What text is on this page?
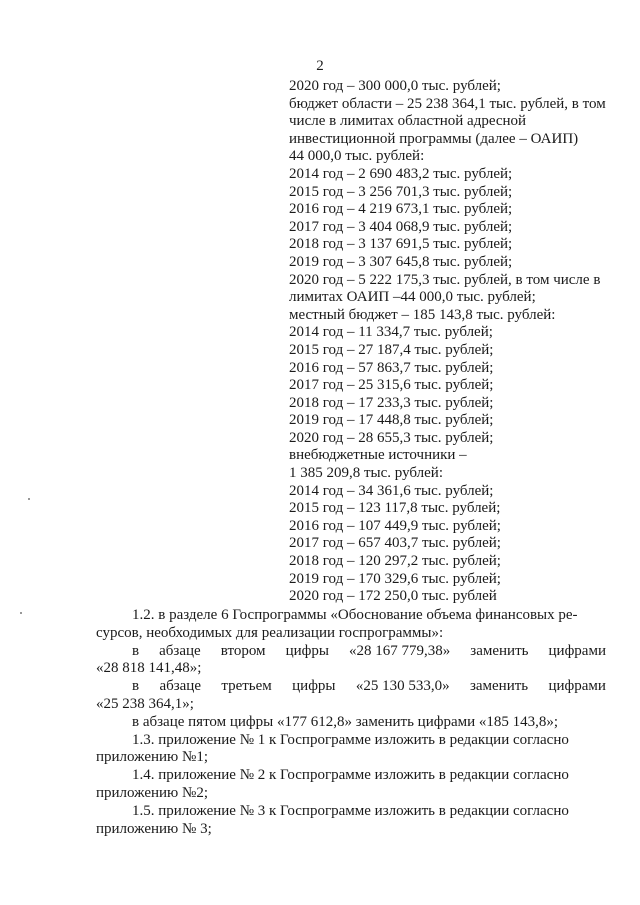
2
2020 год – 300 000,0 тыс. рублей;
бюджет области – 25 238 364,1 тыс. рублей, в том
числе в лимитах областной адресной
инвестиционной программы (далее – ОАИП)
44 000,0 тыс. рублей:
2014 год – 2 690 483,2 тыс. рублей;
2015 год – 3 256 701,3 тыс. рублей;
2016 год – 4 219 673,1 тыс. рублей;
2017 год – 3 404 068,9 тыс. рублей;
2018 год – 3 137 691,5 тыс. рублей;
2019 год – 3 307 645,8 тыс. рублей;
2020 год – 5 222 175,3 тыс. рублей, в том числе в
лимитах ОАИП –44 000,0 тыс. рублей;
местный бюджет – 185 143,8 тыс. рублей:
2014 год – 11 334,7 тыс. рублей;
2015 год – 27 187,4 тыс. рублей;
2016 год – 57 863,7 тыс. рублей;
2017 год – 25 315,6 тыс. рублей;
2018 год – 17 233,3 тыс. рублей;
2019 год – 17 448,8 тыс. рублей;
2020 год – 28 655,3 тыс. рублей;
внебюджетные источники –
1 385 209,8 тыс. рублей:
2014 год – 34 361,6 тыс. рублей;
2015 год – 123 117,8 тыс. рублей;
2016 год – 107 449,9 тыс. рублей;
2017 год – 657 403,7 тыс. рублей;
2018 год – 120 297,2 тыс. рублей;
2019 год – 170 329,6 тыс. рублей;
2020 год – 172 250,0 тыс. рублей
1.2. в разделе 6 Госпрограммы «Обоснование объема финансовых ре-
сурсов, необходимых для реализации госпрограммы»:
в абзаце втором цифры «28 167 779,38» заменить цифрами
«28 818 141,48»;
в абзаце третьем цифры «25 130 533,0» заменить цифрами
«25 238 364,1»;
в абзаце пятом цифры «177 612,8» заменить цифрами «185 143,8»;
1.3. приложение № 1 к Госпрограмме изложить в редакции согласно
приложению №1;
1.4. приложение № 2 к Госпрограмме изложить в редакции согласно
приложению №2;
1.5. приложение № 3 к Госпрограмме изложить в редакции согласно
приложению № 3;
